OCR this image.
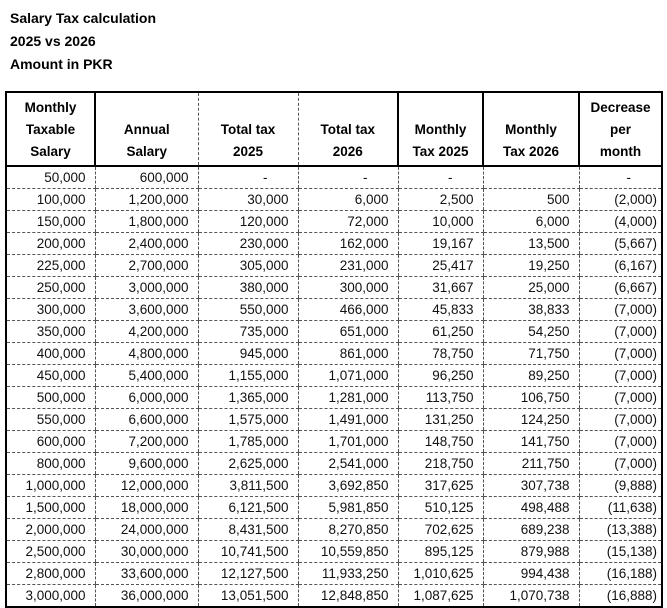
Salary Tax calculation
2025 vs 2026
Amount in PKR
Monthly
Taxable
Salary

Annual
Salary

Total tax
2025

Total tax
2026

Monthly
Tax 2025

Monthly
Tax 2026

Decrease
per
month

50,000	600,000	-	-	-		-
100,000	1,200,000	30,000	6,000	2,500	500	(2,000)
150,000	1,800,000	120,000	72,000	10,000	6,000	(4,000)
200,000	2,400,000	230,000	162,000	19,167	13,500	(5,667)
225,000	2,700,000	305,000	231,000	25,417	19,250	(6,167)
250,000	3,000,000	380,000	300,000	31,667	25,000	(6,667)
300,000	3,600,000	550,000	466,000	45,833	38,833	(7,000)
350,000	4,200,000	735,000	651,000	61,250	54,250	(7,000)
400,000	4,800,000	945,000	861,000	78,750	71,750	(7,000)
450,000	5,400,000	1,155,000	1,071,000	96,250	89,250	(7,000)
500,000	6,000,000	1,365,000	1,281,000	113,750	106,750	(7,000)
550,000	6,600,000	1,575,000	1,491,000	131,250	124,250	(7,000)
600,000	7,200,000	1,785,000	1,701,000	148,750	141,750	(7,000)
800,000	9,600,000	2,625,000	2,541,000	218,750	211,750	(7,000)
1,000,000	12,000,000	3,811,500	3,692,850	317,625	307,738	(9,888)
1,500,000	18,000,000	6,121,500	5,981,850	510,125	498,488	(11,638)
2,000,000	24,000,000	8,431,500	8,270,850	702,625	689,238	(13,388)
2,500,000	30,000,000	10,741,500	10,559,850	895,125	879,988	(15,138)
2,800,000	33,600,000	12,127,500	11,933,250	1,010,625	994,438	(16,188)
3,000,000	36,000,000	13,051,500	12,848,850	1,087,625	1,070,738	(16,888)
